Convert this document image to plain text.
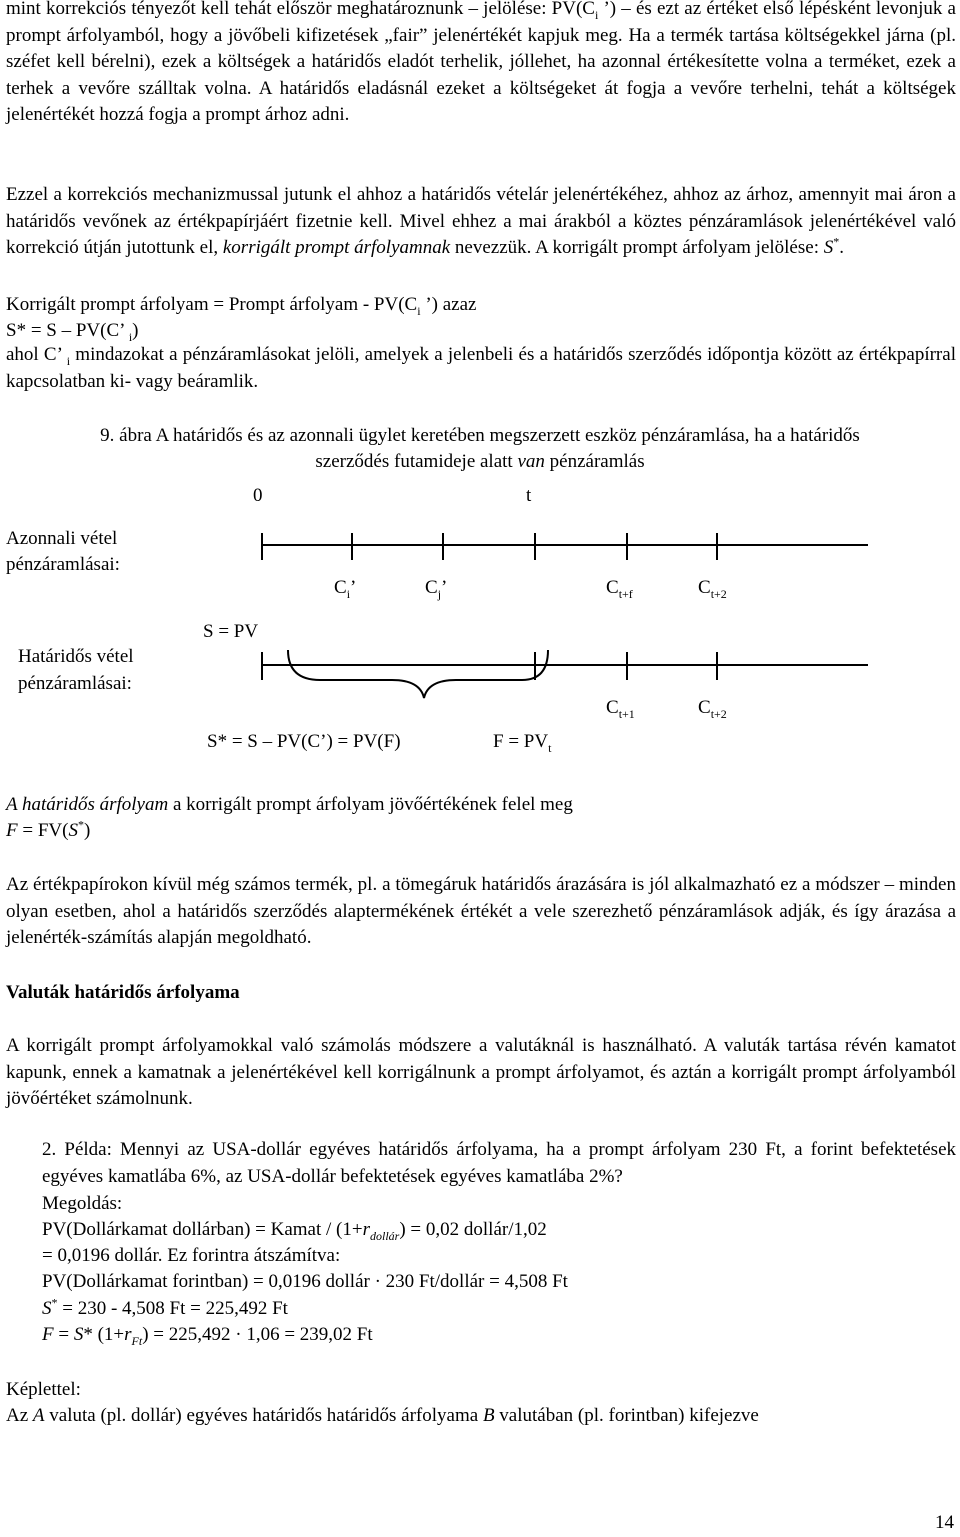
mint korrekciós tényezőt kell tehát először meghatároznunk – jelölése: $PV(C_i$ ’) – és ezt az értéket első lépésként levonjuk a prompt árfolyamból, hogy a jövőbeli kifizetések „fair” jelenértékét kapjuk meg. Ha a termék tartása költségekkel járna (pl. széfet kell bérelni), ezek a költségek a határidős eladót terhelik, jóllehet, ha azonnal értékesítette volna a terméket, ezek a terhek a vevőre szálltak volna. A határidős eladásnál ezeket a költségeket át fogja a vevőre terhelni, tehát a költségek jelenértékét hozzá fogja a prompt árhoz adni.

Ezzel a korrekciós mechanizmussal jutunk el ahhoz a határidős vételár jelenértékéhez, ahhoz az árhoz, amennyit mai áron a határidős vevőnek az értékpapírjáért fizetnie kell. Mivel ehhez a mai árakból a köztes pénzáramlások jelenértékével való korrekció útján jutottunk el, korrigált prompt árfolyamnak nevezzük. A korrigált prompt árfolyam jelölése: S*.

Korrigált prompt árfolyam = Prompt árfolyam - $PV(C_i$ ’) azaz
S* = S – PV(C’ $_i$)

ahol C’ $_i$ mindazokat a pénzáramlásokat jelöli, amelyek a jelenbeli és a határidős szerződés időpontja között az értékpapírral kapcsolatban ki- vagy beáramlik.

9. ábra A határidős és az azonnali ügylet keretében megszerzett eszköz pénzáramlása, ha a határidős
szerződés futamideje alatt van pénzáramlás
0	t
Azonnali vétel
pénzáramlásai:
$C_i$’	$C_j$’	$C_{t+f}$	$C_{t+2}$
S = PV
Határidős vétel
pénzáramlásai:
$C_{t+1}$	$C_{t+2}$
S* = S – PV(C’) = PV(F)	$F = PV_t$
A határidős árfolyam a korrigált prompt árfolyam jövőértékének felel meg
F = FV(S*)

Az értékpapírokon kívül még számos termék, pl. a tömegáruk határidős árazására is jól alkalmazható ez a módszer – minden olyan esetben, ahol a határidős szerződés alaptermékének értékét a vele szerezhető pénzáramlások adják, és így árazása a jelenérték-számítás alapján megoldható.

Valuták határidős árfolyama

A korrigált prompt árfolyamokkal való számolás módszere a valutáknál is használható. A valuták tartása révén kamatot kapunk, ennek a kamatnak a jelenértékével kell korrigálnunk a prompt árfolyamot, és aztán a korrigált prompt árfolyamból jövőértéket számolnunk.

2. Példa: Mennyi az USA-dollár egyéves határidős árfolyama, ha a prompt árfolyam 230 Ft, a forint befektetések egyéves kamatlába 6%, az USA-dollár befektetések egyéves kamatlába 2%?

Megoldás:
PV(Dollárkamat dollárban) = Kamat / $(1+r_{dollár}) = 0,02$ dollár/1,02
= 0,0196 dollár. Ez forintra átszámítva:
PV(Dollárkamat forintban) = 0,0196 dollár · 230 Ft/dollár = 4,508 Ft
S* = 230 - 4,508 Ft = 225,492 Ft
F = S* $(1+r_{Ft}) = 225,492 \cdot 1,06 = 239,02$ Ft
Képlettel:
Az A valuta (pl. dollár) egyéves határidős határidős árfolyama B valutában (pl. forintban) kifejezve
14
